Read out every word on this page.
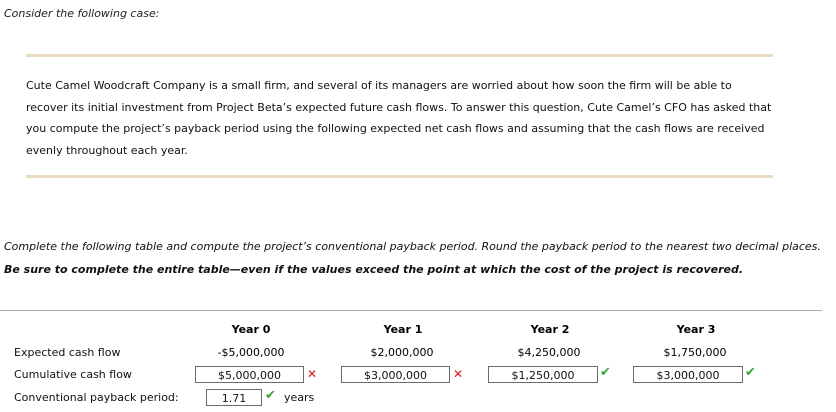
Consider the following case:
Cute Camel Woodcraft Company is a small firm, and several of its managers are worried about how soon the firm will be able to recover its initial investment from Project Beta’s expected future cash flows. To answer this question, Cute Camel’s CFO has asked that you compute the project’s payback period using the following expected net cash flows and assuming that the cash flows are received evenly throughout each year.
Complete the following table and compute the project’s conventional payback period. Round the payback period to the nearest two decimal places. Be sure to complete the entire table—even if the values exceed the point at which the cost of the project is recovered.
Year 0	Year 1	Year 2	Year 3
Expected cash flow	-$5,000,000	$2,000,000	$4,250,000	$1,750,000
Cumulative cash flow	$5,000,000	✕	$3,000,000	✕	$1,250,000	✔	$3,000,000	✔
Conventional payback period:	1.71	✔ years
